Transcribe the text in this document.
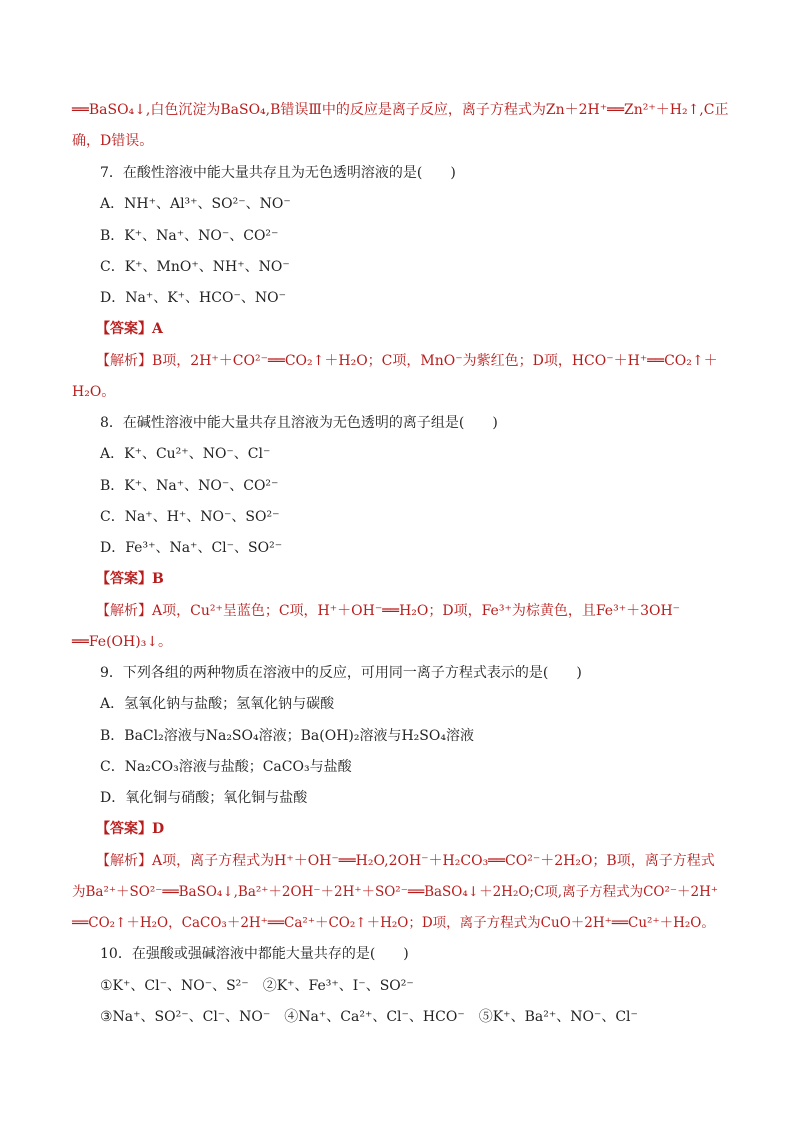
══BaSO₄↓,白色沉淀为BaSO₄,B错误Ⅲ中的反应是离子反应，离子方程式为Zn＋2H⁺══Zn²⁺＋H₂↑,C正
确，D错误。
7．在酸性溶液中能大量共存且为无色透明溶液的是(　　)
A．NH⁺、Al³⁺、SO²⁻、NO⁻
B．K⁺、Na⁺、NO⁻、CO²⁻
C．K⁺、MnO⁺、NH⁺、NO⁻
D．Na⁺、K⁺、HCO⁻、NO⁻
【答案】A
【解析】B项，2H⁺＋CO²⁻══CO₂↑＋H₂O；C项，MnO⁻为紫红色；D项，HCO⁻＋H⁺══CO₂↑＋
H₂O。
8．在碱性溶液中能大量共存且溶液为无色透明的离子组是(　　)
A．K⁺、Cu²⁺、NO⁻、Cl⁻
B．K⁺、Na⁺、NO⁻、CO²⁻
C．Na⁺、H⁺、NO⁻、SO²⁻
D．Fe³⁺、Na⁺、Cl⁻、SO²⁻
【答案】B
【解析】A项，Cu²⁺呈蓝色；C项，H⁺＋OH⁻══H₂O；D项，Fe³⁺为棕黄色，且Fe³⁺＋3OH⁻
══Fe(OH)₃↓。
9．下列各组的两种物质在溶液中的反应，可用同一离子方程式表示的是(　　)
A．氢氧化钠与盐酸；氢氧化钠与碳酸
B．BaCl₂溶液与Na₂SO₄溶液；Ba(OH)₂溶液与H₂SO₄溶液
C．Na₂CO₃溶液与盐酸；CaCO₃与盐酸
D．氧化铜与硝酸；氧化铜与盐酸
【答案】D
【解析】A项，离子方程式为H⁺＋OH⁻══H₂O,2OH⁻＋H₂CO₃══CO²⁻＋2H₂O；B项，离子方程式
为Ba²⁺＋SO²⁻══BaSO₄↓,Ba²⁺＋2OH⁻＋2H⁺＋SO²⁻══BaSO₄↓＋2H₂O;C项,离子方程式为CO²⁻＋2H⁺
══CO₂↑＋H₂O，CaCO₃＋2H⁺══Ca²⁺＋CO₂↑＋H₂O；D项，离子方程式为CuO＋2H⁺══Cu²⁺＋H₂O。
10．在强酸或强碱溶液中都能大量共存的是(　　)
①K⁺、Cl⁻、NO⁻、S²⁻　②K⁺、Fe³⁺、I⁻、SO²⁻
③Na⁺、SO²⁻、Cl⁻、NO⁻　④Na⁺、Ca²⁺、Cl⁻、HCO⁻　⑤K⁺、Ba²⁺、NO⁻、Cl⁻
